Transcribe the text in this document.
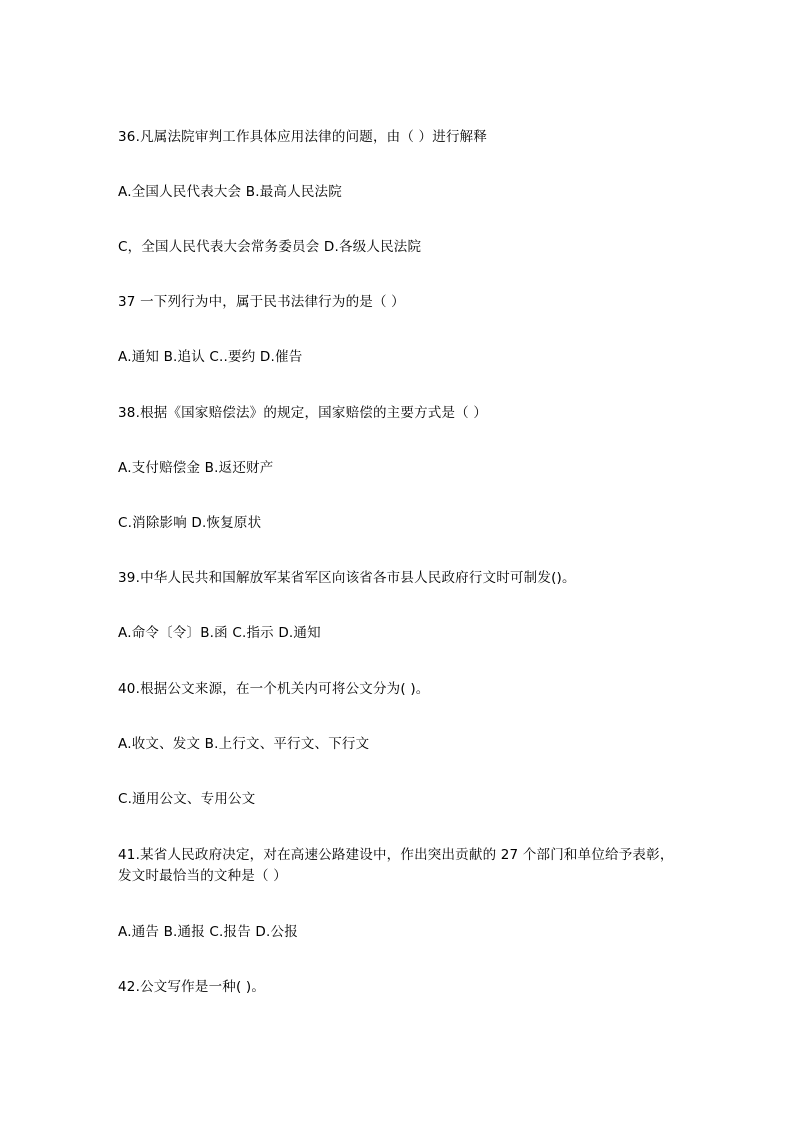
36.凡属法院审判工作具体应用法律的问题，由（ ）进行解释
A.全国人民代表大会 B.最高人民法院
C，全国人民代表大会常务委员会 D.各级人民法院
37 一下列行为中，属于民书法律行为的是（ ）
A.通知 B.追认 C..要约 D.催告
38.根据《国家赔偿法》的规定，国家赔偿的主要方式是（ ）
A.支付赔偿金 B.返还财产
C.消除影响 D.恢复原状
39.中华人民共和国解放军某省军区向该省各市县人民政府行文时可制发()。
A.命令〔令〕B.函 C.指示 D.通知
40.根据公文来源，在一个机关内可将公文分为( )。
A.收文、发文 B.上行文、平行文、下行文
C.通用公文、专用公文
41.某省人民政府决定，对在高速公路建设中，作出突出贡献的 27 个部门和单位给予表彰，
发文时最恰当的文种是（ ）
A.通告 B.通报 C.报告 D.公报
42.公文写作是一种( )。
